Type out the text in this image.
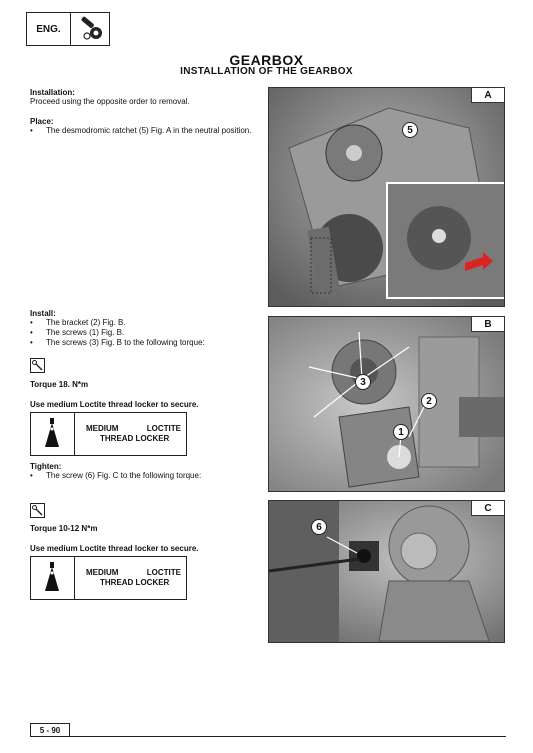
ENG.
GEARBOX
INSTALLATION OF THE GEARBOX
Installation:
Proceed using the opposite order to removal.
Place:
• The desmodromic ratchet (5) Fig. A in the neutral position.
A
5
Install:
• The bracket (2) Fig. B.
• The screws (1) Fig. B.
• The screws (3) Fig. B to the following torque:
Torque 18. N*m
Use medium Loctite thread locker to secure.
MEDIUM	LOCTITE
THREAD LOCKER
Tighten:
• The screw (6) Fig. C to the following torque:
B
3
2
1
Torque 10-12 N*m
Use medium Loctite thread locker to secure.
MEDIUM	LOCTITE
THREAD LOCKER
C
6
5 - 90
